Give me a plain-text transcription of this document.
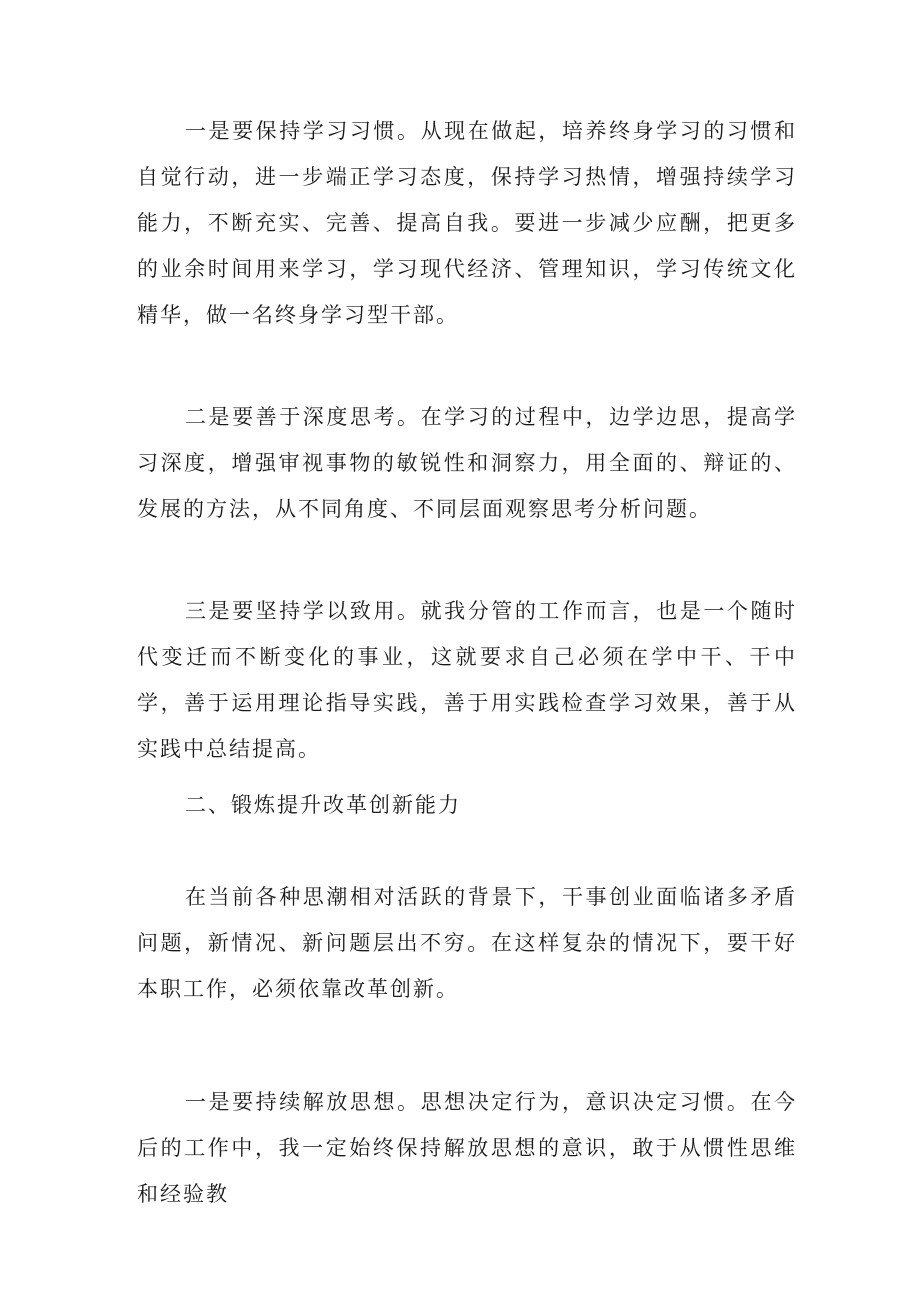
一是要保持学习习惯。从现在做起，培养终身学习的习惯和自觉行动，进一步端正学习态度，保持学习热情，增强持续学习能力，不断充实、完善、提高自我。要进一步减少应酬，把更多的业余时间用来学习，学习现代经济、管理知识，学习传统文化精华，做一名终身学习型干部。

二是要善于深度思考。在学习的过程中，边学边思，提高学习深度，增强审视事物的敏锐性和洞察力，用全面的、辩证的、发展的方法，从不同角度、不同层面观察思考分析问题。

三是要坚持学以致用。就我分管的工作而言，也是一个随时代变迁而不断变化的事业，这就要求自己必须在学中干、干中学，善于运用理论指导实践，善于用实践检查学习效果，善于从实践中总结提高。

二、锻炼提升改革创新能力

在当前各种思潮相对活跃的背景下，干事创业面临诸多矛盾问题，新情况、新问题层出不穷。在这样复杂的情况下，要干好本职工作，必须依靠改革创新。

一是要持续解放思想。思想决定行为，意识决定习惯。在今后的工作中，我一定始终保持解放思想的意识，敢于从惯性思维和经验教
